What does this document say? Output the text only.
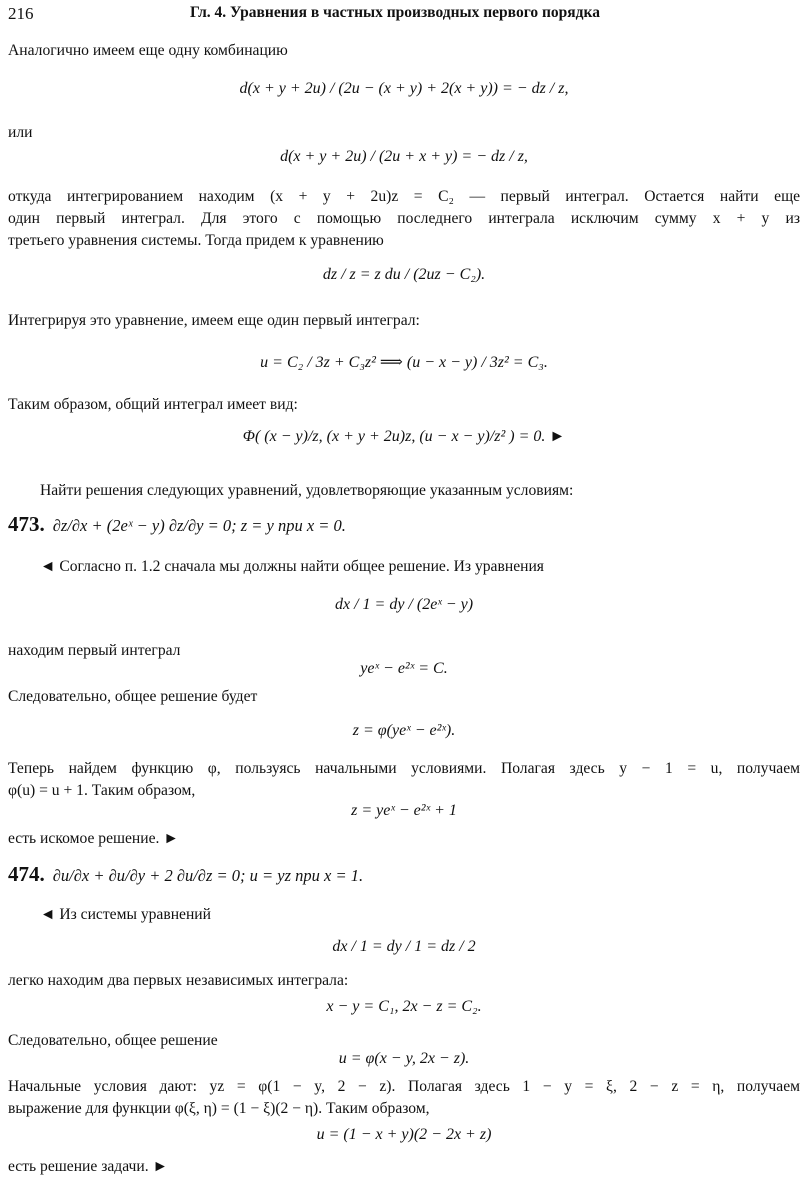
216	Гл. 4. Уравнения в частных производных первого порядка
Аналогично имеем еще одну комбинацию
d(x + y + 2u) / (2u − (x + y) + 2(x + y)) = − dz / z,
или
d(x + y + 2u) / (2u + x + y) = − dz / z,
откуда интегрированием находим (x + y + 2u)z = C₂ — первый интеграл. Остается найти еще
один первый интеграл. Для этого с помощью последнего интеграла исключим сумму x + y из
третьего уравнения системы. Тогда придем к уравнению
dz / z = z du / (2uz − C₂).
Интегрируя это уравнение, имеем еще один первый интеграл:
u = C₂ / 3z + C₃z² ⟹ (u − x − y) / 3z² = C₃.
Таким образом, общий интеграл имеет вид:
Φ( (x − y)/z, (x + y + 2u)z, (u − x − y)/z² ) = 0. ►
Найти решения следующих уравнений, удовлетворяющие указанным условиям:
473. ∂z/∂x + (2eˣ − y) ∂z/∂y = 0; z = y при x = 0.
◄ Согласно п. 1.2 сначала мы должны найти общее решение. Из уравнения
dx / 1 = dy / (2eˣ − y)
находим первый интеграл
yeˣ − e²ˣ = C.
Следовательно, общее решение будет
z = φ(yeˣ − e²ˣ).
Теперь найдем функцию φ, пользуясь начальными условиями. Полагая здесь y − 1 = u, получаем
φ(u) = u + 1. Таким образом,
z = yeˣ − e²ˣ + 1
есть искомое решение. ►
474. ∂u/∂x + ∂u/∂y + 2 ∂u/∂z = 0; u = yz при x = 1.
◄ Из системы уравнений
dx / 1 = dy / 1 = dz / 2
легко находим два первых независимых интеграла:
x − y = C₁, 2x − z = C₂.
Следовательно, общее решение
u = φ(x − y, 2x − z).
Начальные условия дают: yz = φ(1 − y, 2 − z). Полагая здесь 1 − y = ξ, 2 − z = η, получаем
выражение для функции φ(ξ, η) = (1 − ξ)(2 − η). Таким образом,
u = (1 − x + y)(2 − 2x + z)
есть решение задачи. ►
